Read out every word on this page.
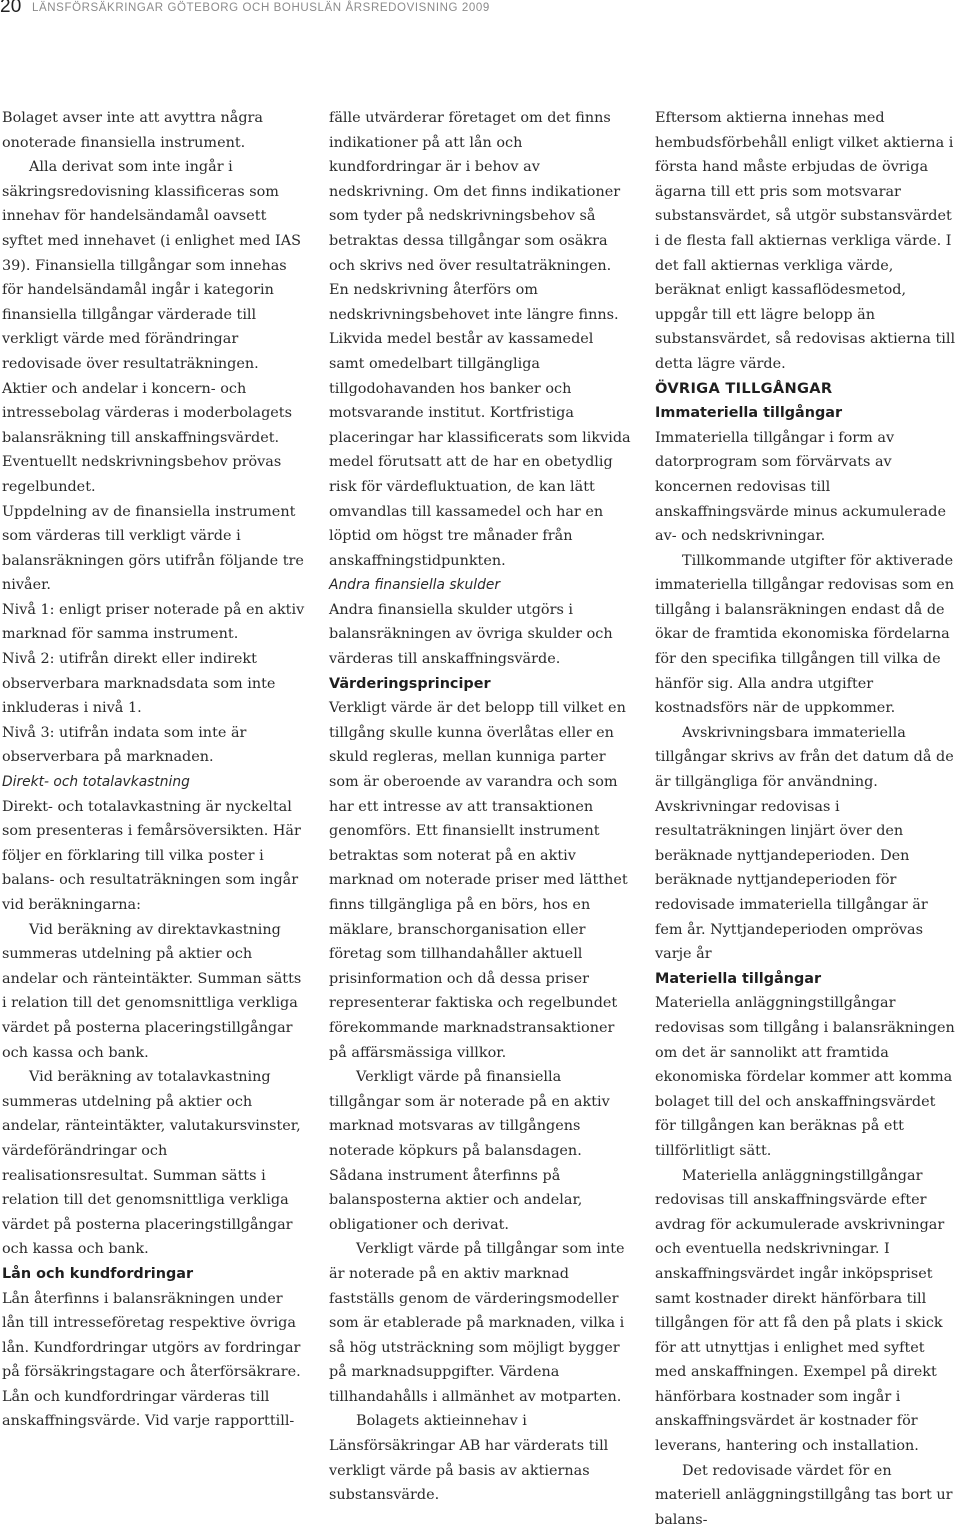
20 LÄNSFÖRSÄKRINGAR GÖTEBORG OCH BOHUSLÄN ÅRSREDOVISNING 2009

Bolaget avser inte att avyttra några onoterade finansiella instrument.

Alla derivat som inte ingår i säkringsredovisning klassificeras som innehav för handelsändamål oavsett syftet med innehavet (i enlighet med IAS 39). Finansiella tillgångar som innehas för handelsändamål ingår i kategorin finansiella tillgångar värderade till verkligt värde med förändringar redovisade över resultaträkningen.

Aktier och andelar i koncern- och intressebolag värderas i moderbolagets balansräkning till anskaffningsvärdet. Eventuellt nedskrivningsbehov prövas regelbundet.

Uppdelning av de finansiella instrument som värderas till verkligt värde i balansräkningen görs utifrån följande tre nivåer.

Nivå 1: enligt priser noterade på en aktiv marknad för samma instrument.

Nivå 2: utifrån direkt eller indirekt observerbara marknadsdata som inte inkluderas i nivå 1.

Nivå 3: utifrån indata som inte är observerbara på marknaden.

Direkt- och totalavkastning

Direkt- och totalavkastning är nyckeltal som presenteras i femårsöversikten. Här följer en förklaring till vilka poster i balans- och resultaträkningen som ingår vid beräkningarna:

Vid beräkning av direktavkastning summeras utdelning på aktier och andelar och ränteintäkter. Summan sätts i relation till det genomsnittliga verkliga värdet på posterna placeringstillgångar och kassa och bank.

Vid beräkning av totalavkastning summeras utdelning på aktier och andelar, ränteintäkter, valutakursvinster, värdeförändringar och realisationsresultat. Summan sätts i relation till det genomsnittliga verkliga värdet på posterna placeringstillgångar och kassa och bank.

Lån och kundfordringar

Lån återfinns i balansräkningen under lån till intresseföretag respektive övriga lån. Kundfordringar utgörs av fordringar på försäkringstagare och återförsäkrare. Lån och kundfordringar värderas till anskaffningsvärde. Vid varje rapporttill-

fälle utvärderar företaget om det finns indikationer på att lån och kundfordringar är i behov av nedskrivning. Om det finns indikationer som tyder på nedskrivningsbehov så betraktas dessa tillgångar som osäkra och skrivs ned över resultaträkningen. En nedskrivning återförs om nedskrivningsbehovet inte längre finns. Likvida medel består av kassamedel samt omedelbart tillgängliga tillgodohavanden hos banker och motsvarande institut. Kortfristiga placeringar har klassificerats som likvida medel förutsatt att de har en obetydlig risk för värdefluktuation, de kan lätt omvandlas till kassamedel och har en löptid om högst tre månader från anskaffningstidpunkten.

Andra finansiella skulder

Andra finansiella skulder utgörs i balansräkningen av övriga skulder och värderas till anskaffningsvärde.

Värderingsprinciper

Verkligt värde är det belopp till vilket en tillgång skulle kunna överlåtas eller en skuld regleras, mellan kunniga parter som är oberoende av varandra och som har ett intresse av att transaktionen genomförs. Ett finansiellt instrument betraktas som noterat på en aktiv marknad om noterade priser med lätthet finns tillgängliga på en börs, hos en mäklare, branschorganisation eller företag som tillhandahåller aktuell prisinformation och då dessa priser representerar faktiska och regelbundet förekommande marknadstransaktioner på affärsmässiga villkor.

Verkligt värde på finansiella tillgångar som är noterade på en aktiv marknad motsvaras av tillgångens noterade köpkurs på balansdagen. Sådana instrument återfinns på balansposterna aktier och andelar, obligationer och derivat.

Verkligt värde på tillgångar som inte är noterade på en aktiv marknad fastställs genom de värderingsmodeller som är etablerade på marknaden, vilka i så hög utsträckning som möjligt bygger på marknadsuppgifter. Värdena tillhandahålls i allmänhet av motparten.

Bolagets aktieinnehav i Länsförsäkringar AB har värderats till verkligt värde på basis av aktiernas substansvärde.

Eftersom aktierna innehas med hembudsförbehåll enligt vilket aktierna i första hand måste erbjudas de övriga ägarna till ett pris som motsvarar substansvärdet, så utgör substansvärdet i de flesta fall aktiernas verkliga värde. I det fall aktiernas verkliga värde, beräknat enligt kassaflödesmetod, uppgår till ett lägre belopp än substansvärdet, så redovisas aktierna till detta lägre värde.

ÖVRIGA TILLGÅNGAR

Immateriella tillgångar

Immateriella tillgångar i form av datorprogram som förvärvats av koncernen redovisas till anskaffningsvärde minus ackumulerade av- och nedskrivningar.

Tillkommande utgifter för aktiverade immateriella tillgångar redovisas som en tillgång i balansräkningen endast då de ökar de framtida ekonomiska fördelarna för den specifika tillgången till vilka de hänför sig. Alla andra utgifter kostnadsförs när de uppkommer.

Avskrivningsbara immateriella tillgångar skrivs av från det datum då de är tillgängliga för användning. Avskrivningar redovisas i resultaträkningen linjärt över den beräknade nyttjandeperioden. Den beräknade nyttjandeperioden för redovisade immateriella tillgångar är fem år. Nyttjandeperioden omprövas varje år

Materiella tillgångar

Materiella anläggningstillgångar redovisas som tillgång i balansräkningen om det är sannolikt att framtida ekonomiska fördelar kommer att komma bolaget till del och anskaffningsvärdet för tillgången kan beräknas på ett tillförlitligt sätt.

Materiella anläggningstillgångar redovisas till anskaffningsvärde efter avdrag för ackumulerade avskrivningar och eventuella nedskrivningar. I anskaffningsvärdet ingår inköpspriset samt kostnader direkt hänförbara till tillgången för att få den på plats i skick för att utnyttjas i enlighet med syftet med anskaffningen. Exempel på direkt hänförbara kostnader som ingår i anskaffningsvärdet är kostnader för leverans, hantering och installation.

Det redovisade värdet för en materiell anläggningstillgång tas bort ur balans-
